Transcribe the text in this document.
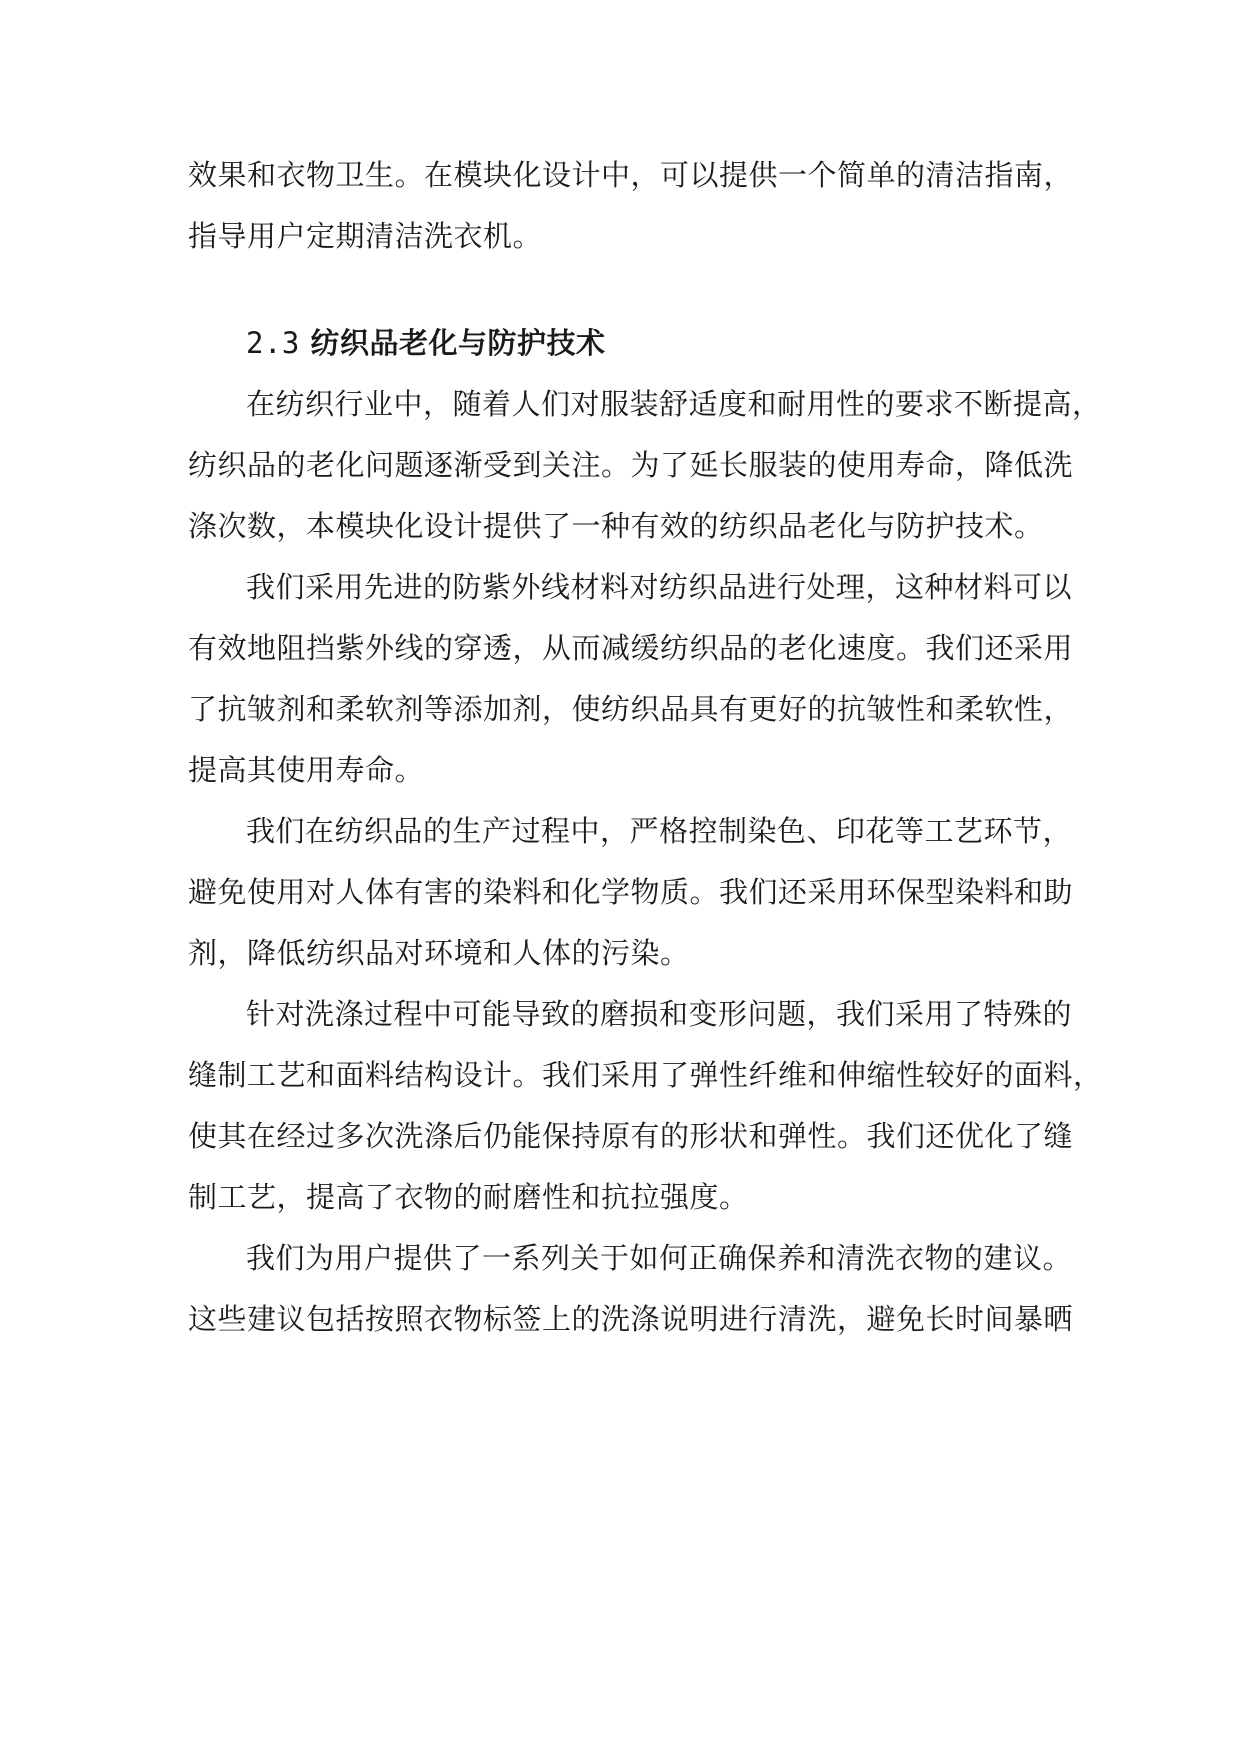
效果和衣物卫生。在模块化设计中，可以提供一个简单的清洁指南，
指导用户定期清洁洗衣机。
2.3 纺织品老化与防护技术
在纺织行业中，随着人们对服装舒适度和耐用性的要求不断提高，
纺织品的老化问题逐渐受到关注。为了延长服装的使用寿命，降低洗
涤次数，本模块化设计提供了一种有效的纺织品老化与防护技术。
我们采用先进的防紫外线材料对纺织品进行处理，这种材料可以
有效地阻挡紫外线的穿透，从而减缓纺织品的老化速度。我们还采用
了抗皱剂和柔软剂等添加剂，使纺织品具有更好的抗皱性和柔软性，
提高其使用寿命。
我们在纺织品的生产过程中，严格控制染色、印花等工艺环节，
避免使用对人体有害的染料和化学物质。我们还采用环保型染料和助
剂，降低纺织品对环境和人体的污染。
针对洗涤过程中可能导致的磨损和变形问题，我们采用了特殊的
缝制工艺和面料结构设计。我们采用了弹性纤维和伸缩性较好的面料，
使其在经过多次洗涤后仍能保持原有的形状和弹性。我们还优化了缝
制工艺，提高了衣物的耐磨性和抗拉强度。
我们为用户提供了一系列关于如何正确保养和清洗衣物的建议。
这些建议包括按照衣物标签上的洗涤说明进行清洗，避免长时间暴晒
